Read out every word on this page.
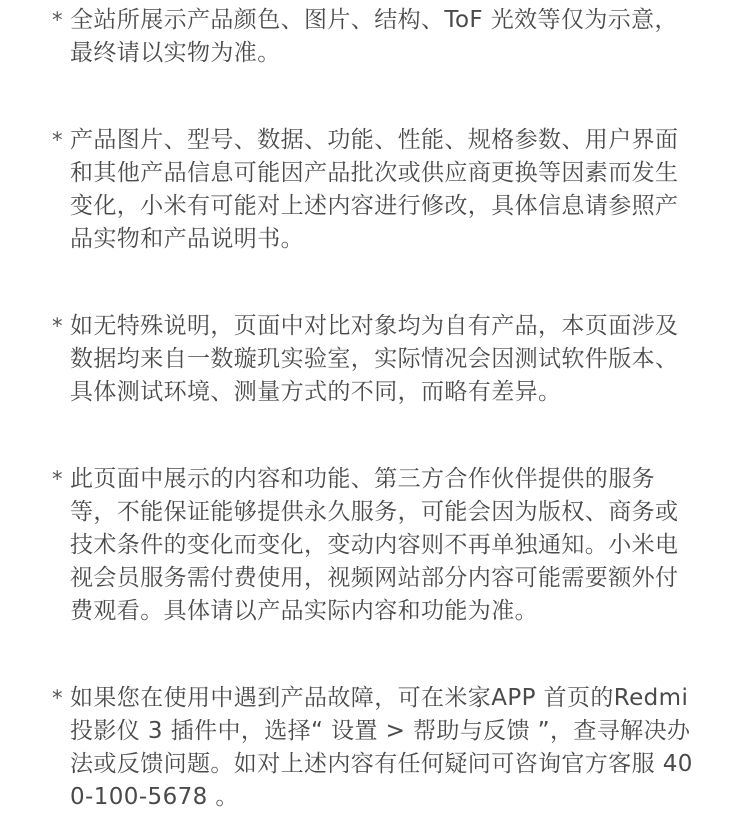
* 全站所展示产品颜色、图片、结构、ToF 光效等仅为示意，最终请以实物为准。
* 产品图片、型号、数据、功能、性能、规格参数、用户界面和其他产品信息可能因产品批次或供应商更换等因素而发生变化，小米有可能对上述内容进行修改，具体信息请参照产品实物和产品说明书。
* 如无特殊说明，页面中对比对象均为自有产品，本页面涉及数据均来自一数璇玑实验室，实际情况会因测试软件版本、具体测试环境、测量方式的不同，而略有差异。
* 此页面中展示的内容和功能、第三方合作伙伴提供的服务等，不能保证能够提供永久服务，可能会因为版权、商务或技术条件的变化而变化，变动内容则不再单独通知。小米电视会员服务需付费使用，视频网站部分内容可能需要额外付费观看。具体请以产品实际内容和功能为准。
* 如果您在使用中遇到产品故障，可在米家APP 首页的Redmi投影仪 3 插件中，选择“ 设置 > 帮助与反馈 ”，查寻解决办法或反馈问题。如对上述内容有任何疑问可咨询官方客服 400-100-5678 。
